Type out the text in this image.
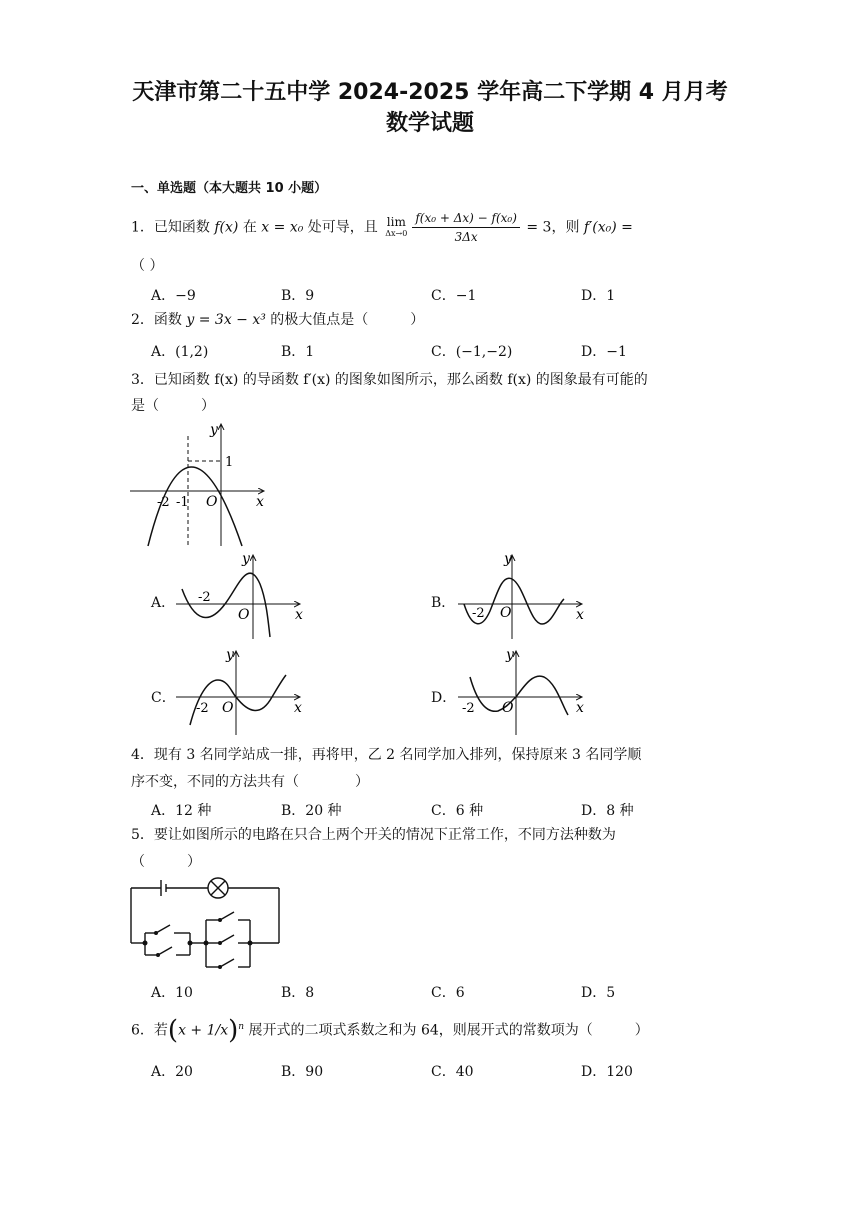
天津市第二十五中学 2024-2025 学年高二下学期 4 月月考
数学试题
一、单选题（本大题共 10 小题）
1．已知函数 f(x) 在 x = x₀ 处可导，且 lim
$\Delta x\to 0 \frac{\text{f(x₀ + Δx) − f(x₀)}}{3\Delta x} = 3$，则 f′(x₀) =
（ ）
A．−9	B．9	C．−1	D．1
2．函数 y = 3x − x³ 的极大值点是（　　　）
A．(1,2)	B．1	C．(−1,−2)	D．−1
3．已知函数 f(x) 的导函数 f′(x) 的图象如图所示，那么函数 f(x) 的图象最有可能的
是（　　　）
y
x
O
1
-2 -1
A．
y
x
O
-2	B．
y
x
O
-2
C．
y
x
O
-2
D．
y
x
O
-2
4．现有 3 名同学站成一排，再将甲，乙 2 名同学加入排列，保持原来 3 名同学顺
序不变，不同的方法共有（　　　　）
A．12 种	B．20 种	C．6 种	D．8 种
5．要让如图所示的电路在只合上两个开关的情况下正常工作，不同方法种数为
（　　　）
A．10	B．8	C．6	D．5
6．若$(x + 1/x)^n$ 展开式的二项式系数之和为 64，则展开式的常数项为（　　　）
A．20	B．90	C．40	D．120
